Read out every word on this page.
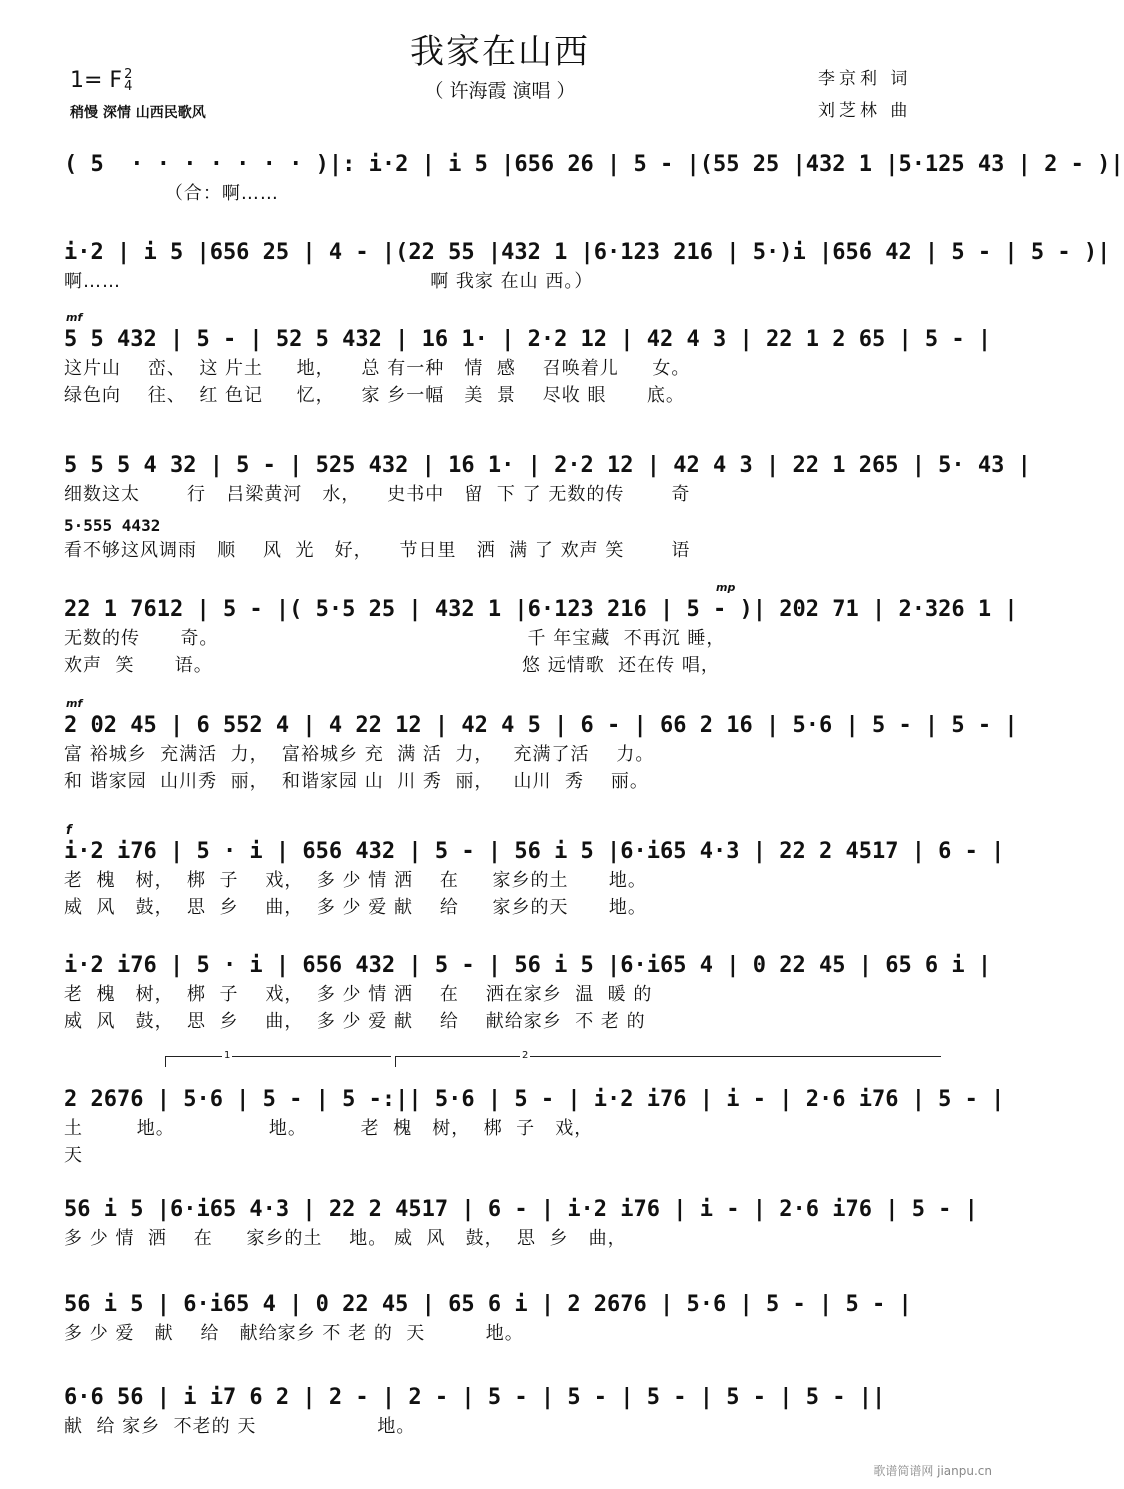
我家在山西
（ 许海霞 演唱 ）
1= F 2
4
稍慢 深情 山西民歌风
李京利 词
刘芝林 曲
( 5  · · · · · · · )|: i·2 | i 5 |656 26 | 5 - |(55 25 |432 1 |5·125 43 | 2 - )|
（合：啊……
i·2 | i 5 |656 25 | 4 - |(22 55 |432 1 |6·123 216 | 5·)i |656 42 | 5 - | 5 - )|
啊……                                              啊 我家 在山 西。）
mf
5 5 432 | 5 - | 52 5 432 | 16 1· | 2·2 12 | 42 4 3 | 22 1 2 65 | 5 - |
这片山    峦、  这 片土     地，    总 有一种   情  感    召唤着儿     女。
绿色向    往、  红 色记     忆，    家 乡一幅   美  景    尽收 眼      底。
5 5 5 4 32 | 5 - | 525 432 | 16 1· | 2·2 12 | 42 4 3 | 22 1 265 | 5· 43 |
细数这太       行   吕梁黄河   水，    史书中   留  下 了 无数的传       奇
5·555 4432
看不够这风调雨   顺    风  光   好，    节日里   洒  满 了 欢声 笑       语
mp
22 1 7612 | 5 - |( 5·5 25 | 432 1 |6·123 216 | 5 - )| 202 71 | 2·326 1 |
无数的传      奇。                                              千 年宝藏  不再沉 睡，
欢声  笑      语。                                              悠 远情歌  还在传 唱，
mf
2 02 45 | 6 552 4 | 4 22 12 | 42 4 5 | 6 - | 66 2 16 | 5·6 | 5 - | 5 - |
富 裕城乡  充满活  力，  富裕城乡 充  满 活  力，   充满了活    力。
和 谐家园  山川秀  丽，  和谐家园 山  川 秀  丽，   山川  秀    丽。
f
i·2 i76 | 5 · i | 656 432 | 5 - | 56 i 5 |6·i65 4·3 | 22 2 4517 | 6 - |
老  槐   树，  梆  子    戏，  多 少 情 洒    在     家乡的土      地。
威  风   鼓，  思  乡    曲，  多 少 爱 献    给     家乡的天      地。
i·2 i76 | 5 · i | 656 432 | 5 - | 56 i 5 |6·i65 4 | 0 22 45 | 65 6 i |
老  槐   树，  梆  子    戏，  多 少 情 洒    在    洒在家乡  温  暖 的
威  风   鼓，  思  乡    曲，  多 少 爱 献    给    献给家乡  不 老 的
1	2
2 2676 | 5·6 | 5 - | 5 -:|| 5·6 | 5 - | i·2 i76 | i - | 2·6 i76 | 5 - |
土        地。              地。        老  槐   树，  梆  子   戏，
天
56 i 5 |6·i65 4·3 | 22 2 4517 | 6 - | i·2 i76 | i - | 2·6 i76 | 5 - |
多 少 情  洒    在     家乡的土    地。 威  风   鼓，  思  乡   曲，
56 i 5 | 6·i65 4 | 0 22 45 | 65 6 i | 2 2676 | 5·6 | 5 - | 5 - |
多 少 爱   献    给   献给家乡 不 老 的  天         地。
6·6 56 | i i7 6 2 | 2 - | 2 - | 5 - | 5 - | 5 - | 5 - | 5 - ||
献  给 家乡  不老的 天                  地。
歌谱简谱网 jianpu.cn
